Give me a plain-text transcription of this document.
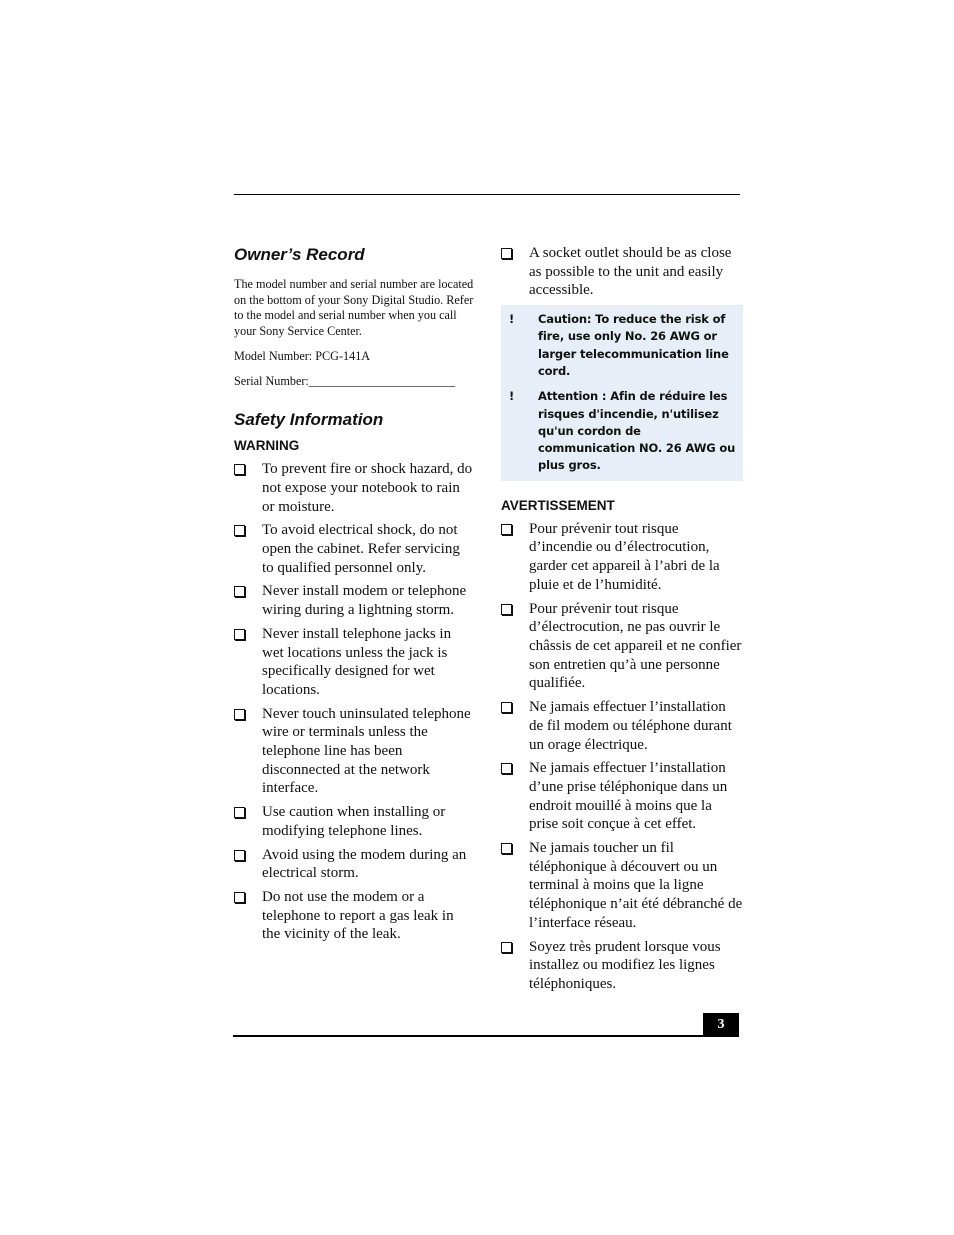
Owner’s Record

The model number and serial number are located on the bottom of your Sony Digital Studio. Refer to the model and serial number when you call your Sony Service Center.

Model Number: PCG-141A

Serial Number:________________________

Safety Information
WARNING
To prevent fire or shock hazard, do not expose your notebook to rain or moisture.
To avoid electrical shock, do not open the cabinet. Refer servicing to qualified personnel only.
Never install modem or telephone wiring during a lightning storm.
Never install telephone jacks in wet locations unless the jack is specifically designed for wet locations.
Never touch uninsulated telephone wire or terminals unless the telephone line has been disconnected at the network interface.
Use caution when installing or modifying telephone lines.
Avoid using the modem during an electrical storm.
Do not use the modem or a telephone to report a gas leak in the vicinity of the leak.
A socket outlet should be as close as possible to the unit and easily accessible.
! Caution: To reduce the risk of fire, use only No. 26 AWG or larger telecommunication line cord.
! Attention : Afin de réduire les risques d'incendie, n'utilisez qu'un cordon de communication NO. 26 AWG ou plus gros.
AVERTISSEMENT
Pour prévenir tout risque d’incendie ou d’électrocution, garder cet appareil à l’abri de la pluie et de l’humidité.
Pour prévenir tout risque d’électrocution, ne pas ouvrir le châssis de cet appareil et ne confier son entretien qu’à une personne qualifiée.
Ne jamais effectuer l’installation de fil modem ou téléphone durant un orage électrique.
Ne jamais effectuer l’installation d’une prise téléphonique dans un endroit mouillé à moins que la prise soit conçue à cet effet.
Ne jamais toucher un fil téléphonique à découvert ou un terminal à moins que la ligne téléphonique n’ait été débranché de l’interface réseau.
Soyez très prudent lorsque vous installez ou modifiez les lignes téléphoniques.
3
